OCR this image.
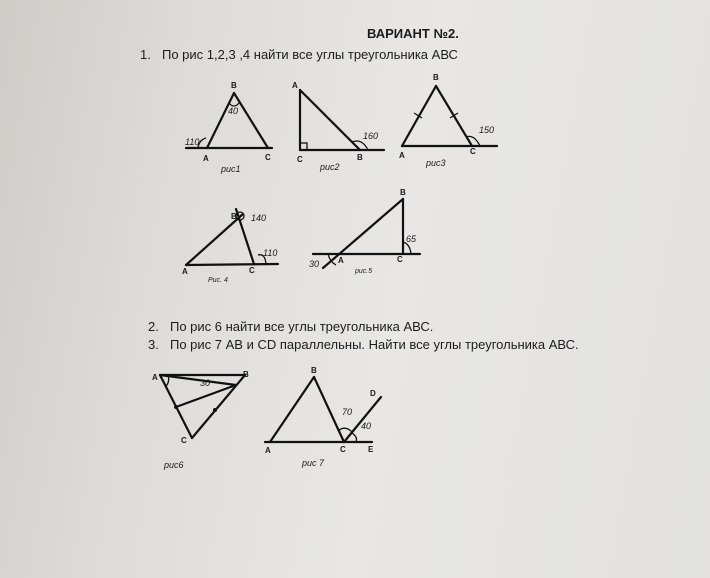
ВАРИАНТ №2.
1. По рис 1,2,3 ,4 найти все углы треугольника АВС
2. По рис 6 найти все углы треугольника АВС.
3. По рис 7 АВ и CD параллельны. Найти все углы треугольника АВС.
B
A	C
40
110
рис1
A
C	B
160
рис2
B
A	C
150
рис3
B
A	C
140
110
Рис. 4
B
A	C
65
30
рис.5
A	B
C
30
рис6
B
D
A	C	E
70
40
рис 7
